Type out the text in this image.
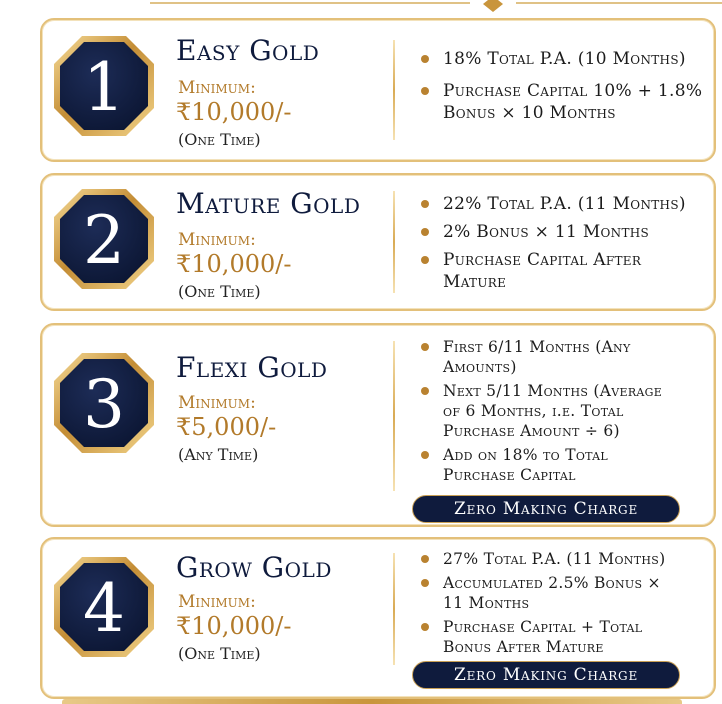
1 Easy Gold
Minimum:
₹10,000/-
(One Time)
18% Total P.A. (10 Months)
Purchase Capital 10% + 1.8% Bonus × 10 Months
2 Mature Gold
Minimum:
₹10,000/-
(One Time)
22% Total P.A. (11 Months)
2% Bonus × 11 Months
Purchase Capital After Mature
3 Flexi Gold
Minimum:
₹5,000/-
(Any Time)
First 6/11 Months (Any Amounts)
Next 5/11 Months (Average of 6 Months, i.e. Total Purchase Amount ÷ 6)
Add on 18% to Total Purchase Capital
Zero Making Charge
4
Grow Gold
Minimum:
₹10,000/-
(One Time)
27% Total P.A. (11 Months)
Accumulated 2.5% Bonus × 11 Months
Purchase Capital + Total Bonus After Mature
Zero Making Charge
